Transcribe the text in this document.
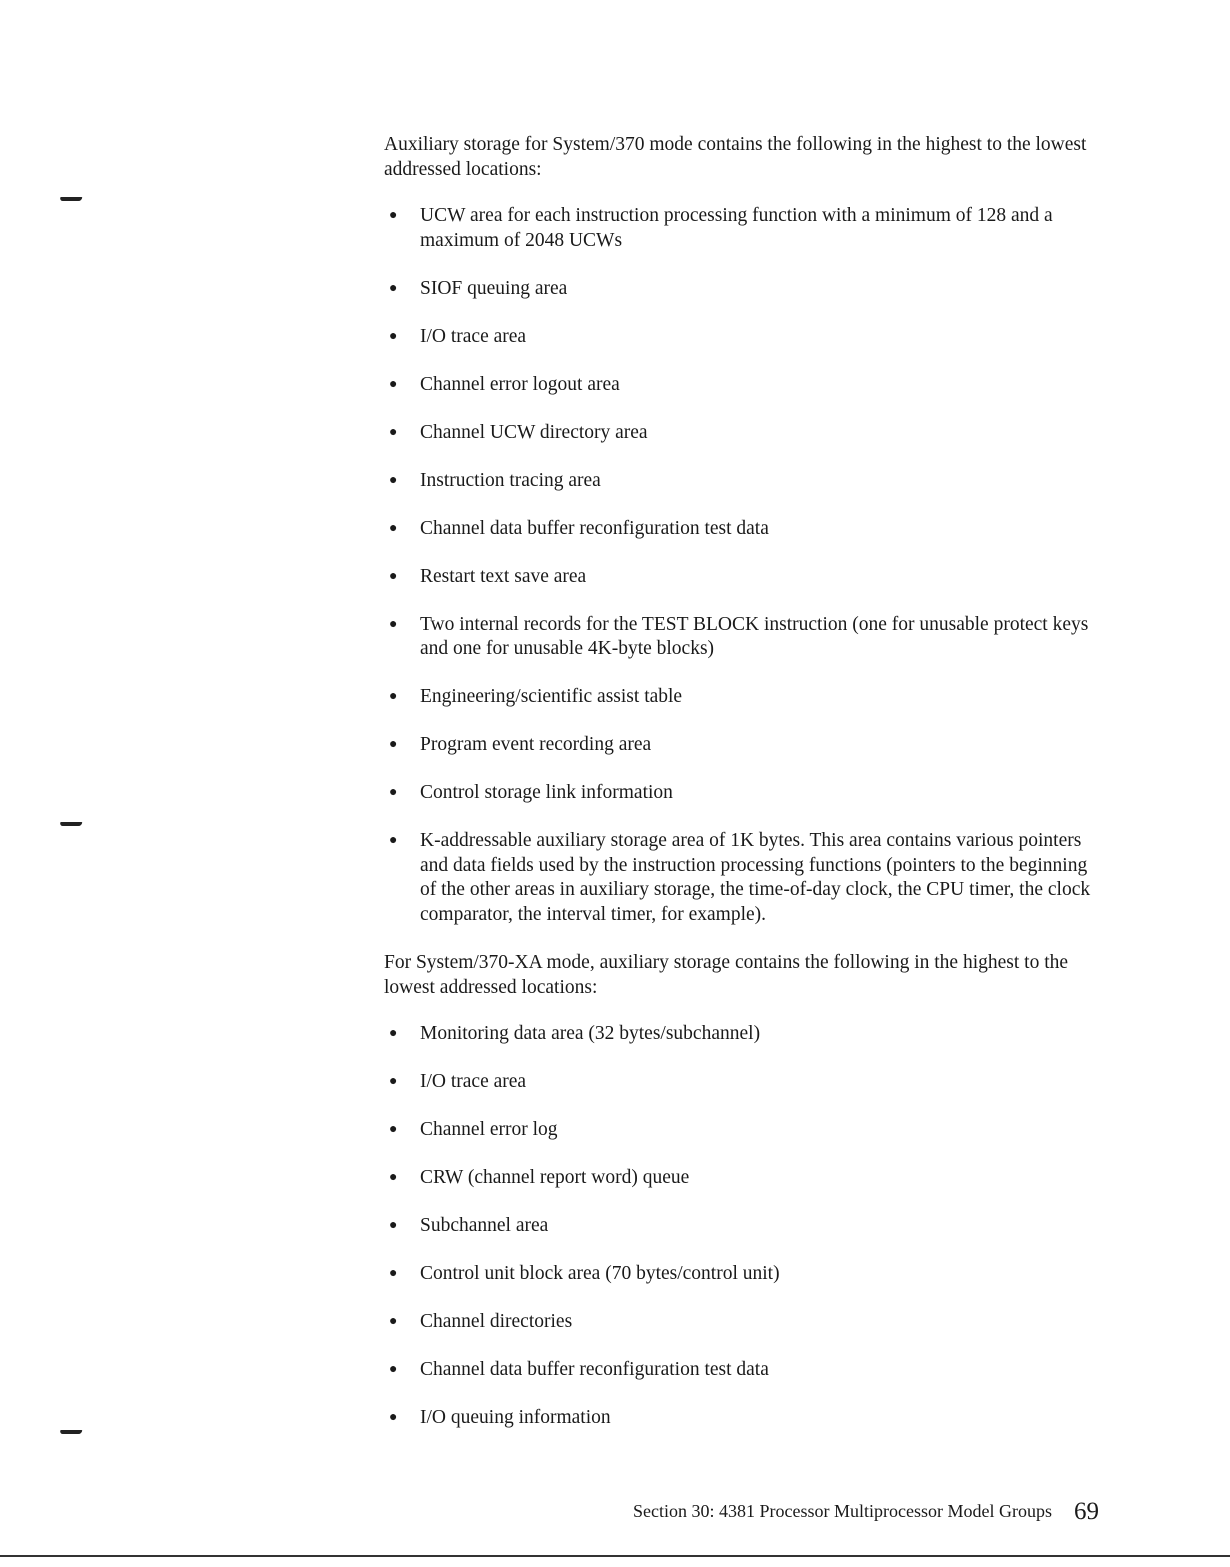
Auxiliary storage for System/370 mode contains the following in the highest to the lowest addressed locations:

● UCW area for each instruction processing function with a minimum of 128 and a maximum of 2048 UCWs
● SIOF queuing area
● I/O trace area
● Channel error logout area
● Channel UCW directory area
● Instruction tracing area
● Channel data buffer reconfiguration test data
● Restart text save area
● Two internal records for the TEST BLOCK instruction (one for unusable protect keys and one for unusable 4K-byte blocks)
● Engineering/scientific assist table
● Program event recording area
● Control storage link information
● K-addressable auxiliary storage area of 1K bytes. This area contains various pointers and data fields used by the instruction processing functions (pointers to the beginning of the other areas in auxiliary storage, the time-of-day clock, the CPU timer, the clock comparator, the interval timer, for example).

For System/370-XA mode, auxiliary storage contains the following in the highest to the lowest addressed locations:

● Monitoring data area (32 bytes/subchannel)
● I/O trace area
● Channel error log
● CRW (channel report word) queue
● Subchannel area
● Control unit block area (70 bytes/control unit)
● Channel directories
● Channel data buffer reconfiguration test data
● I/O queuing information
Section 30: 4381 Processor Multiprocessor Model Groups 69
